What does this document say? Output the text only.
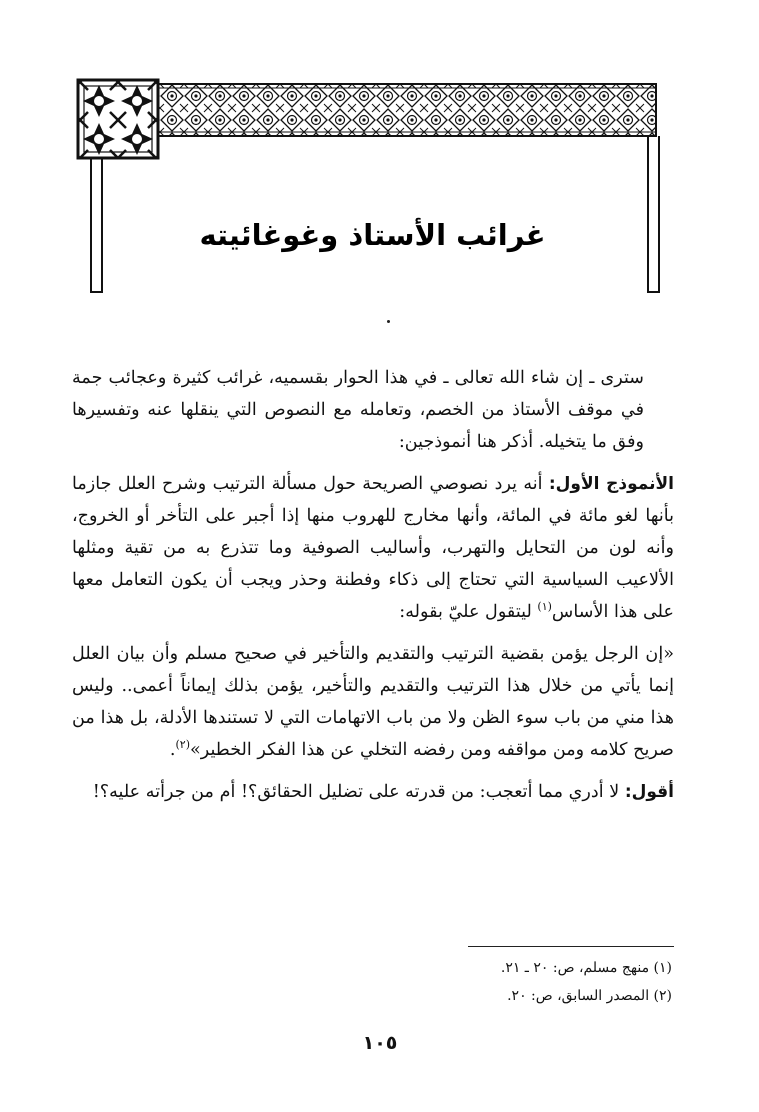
غرائب الأستاذ وغوغائيته

سترى ـ إن شاء الله تعالى ـ في هذا الحوار بقسميه، غرائب كثيرة وعجائب جمة في موقف الأستاذ من الخصم، وتعامله مع النصوص التي ينقلها عنه وتفسيرها وفق ما يتخيله. أذكر هنا أنموذجين:

الأنموذج الأول: أنه يرد نصوصي الصريحة حول مسألة الترتيب وشرح العلل جازما بأنها لغو مائة في المائة، وأنها مخارج للهروب منها إذا أجبر على التأخر أو الخروج، وأنه لون من التحايل والتهرب، وأساليب الصوفية وما تتذرع به من تقية ومثلها الألاعيب السياسية التي تحتاج إلى ذكاء وفطنة وحذر ويجب أن يكون التعامل معها على هذا الأساس$^{(١)}$ ليتقول عليّ بقوله:

«إن الرجل يؤمن بقضية الترتيب والتقديم والتأخير في صحيح مسلم وأن بيان العلل إنما يأتي من خلال هذا الترتيب والتقديم والتأخير، يؤمن بذلك إيماناً أعمى.. وليس هذا مني من باب سوء الظن ولا من باب الاتهامات التي لا تستندها الأدلة، بل هذا من صريح كلامه ومن مواقفه ومن رفضه التخلي عن هذا الفكر الخطير»$^{(٢)}$.

أقول: لا أدري مما أتعجب: من قدرته على تضليل الحقائق؟! أم من جرأته عليه؟!

(١) منهج مسلم، ص: ٢٠ ـ ٢١.
(٢) المصدر السابق، ص: ٢٠.
١٠٥
